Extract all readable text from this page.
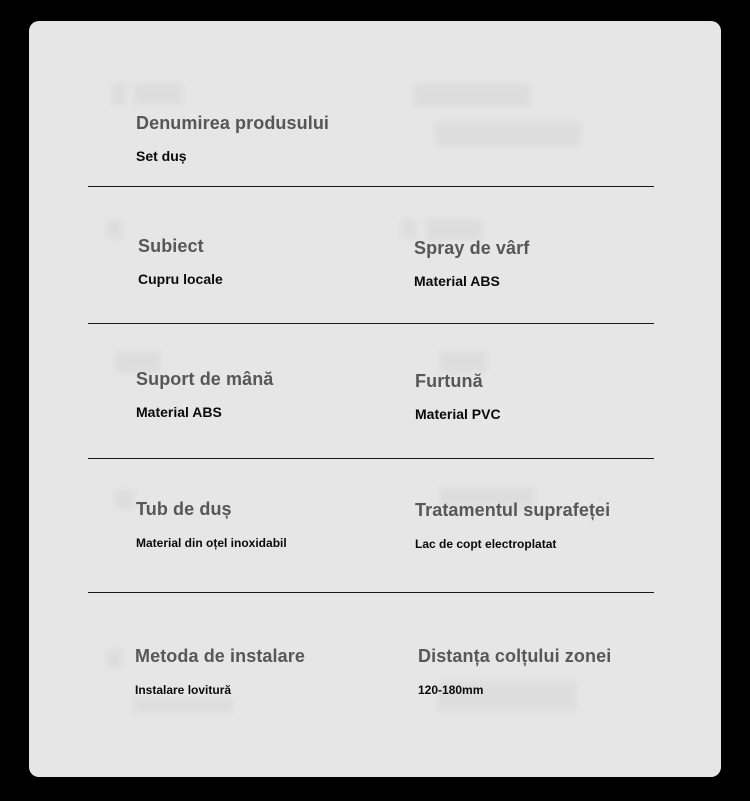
Denumirea produsului
Set duș
Subiect
Cupru locale
Spray de vârf
Material ABS
Suport de mână
Material ABS
Furtună
Material PVC
Tub de duș
Material din oțel inoxidabil
Tratamentul suprafeței
Lac de copt electroplatat
Metoda de instalare
Instalare lovitură
Distanța colțului zonei
120-180mm
